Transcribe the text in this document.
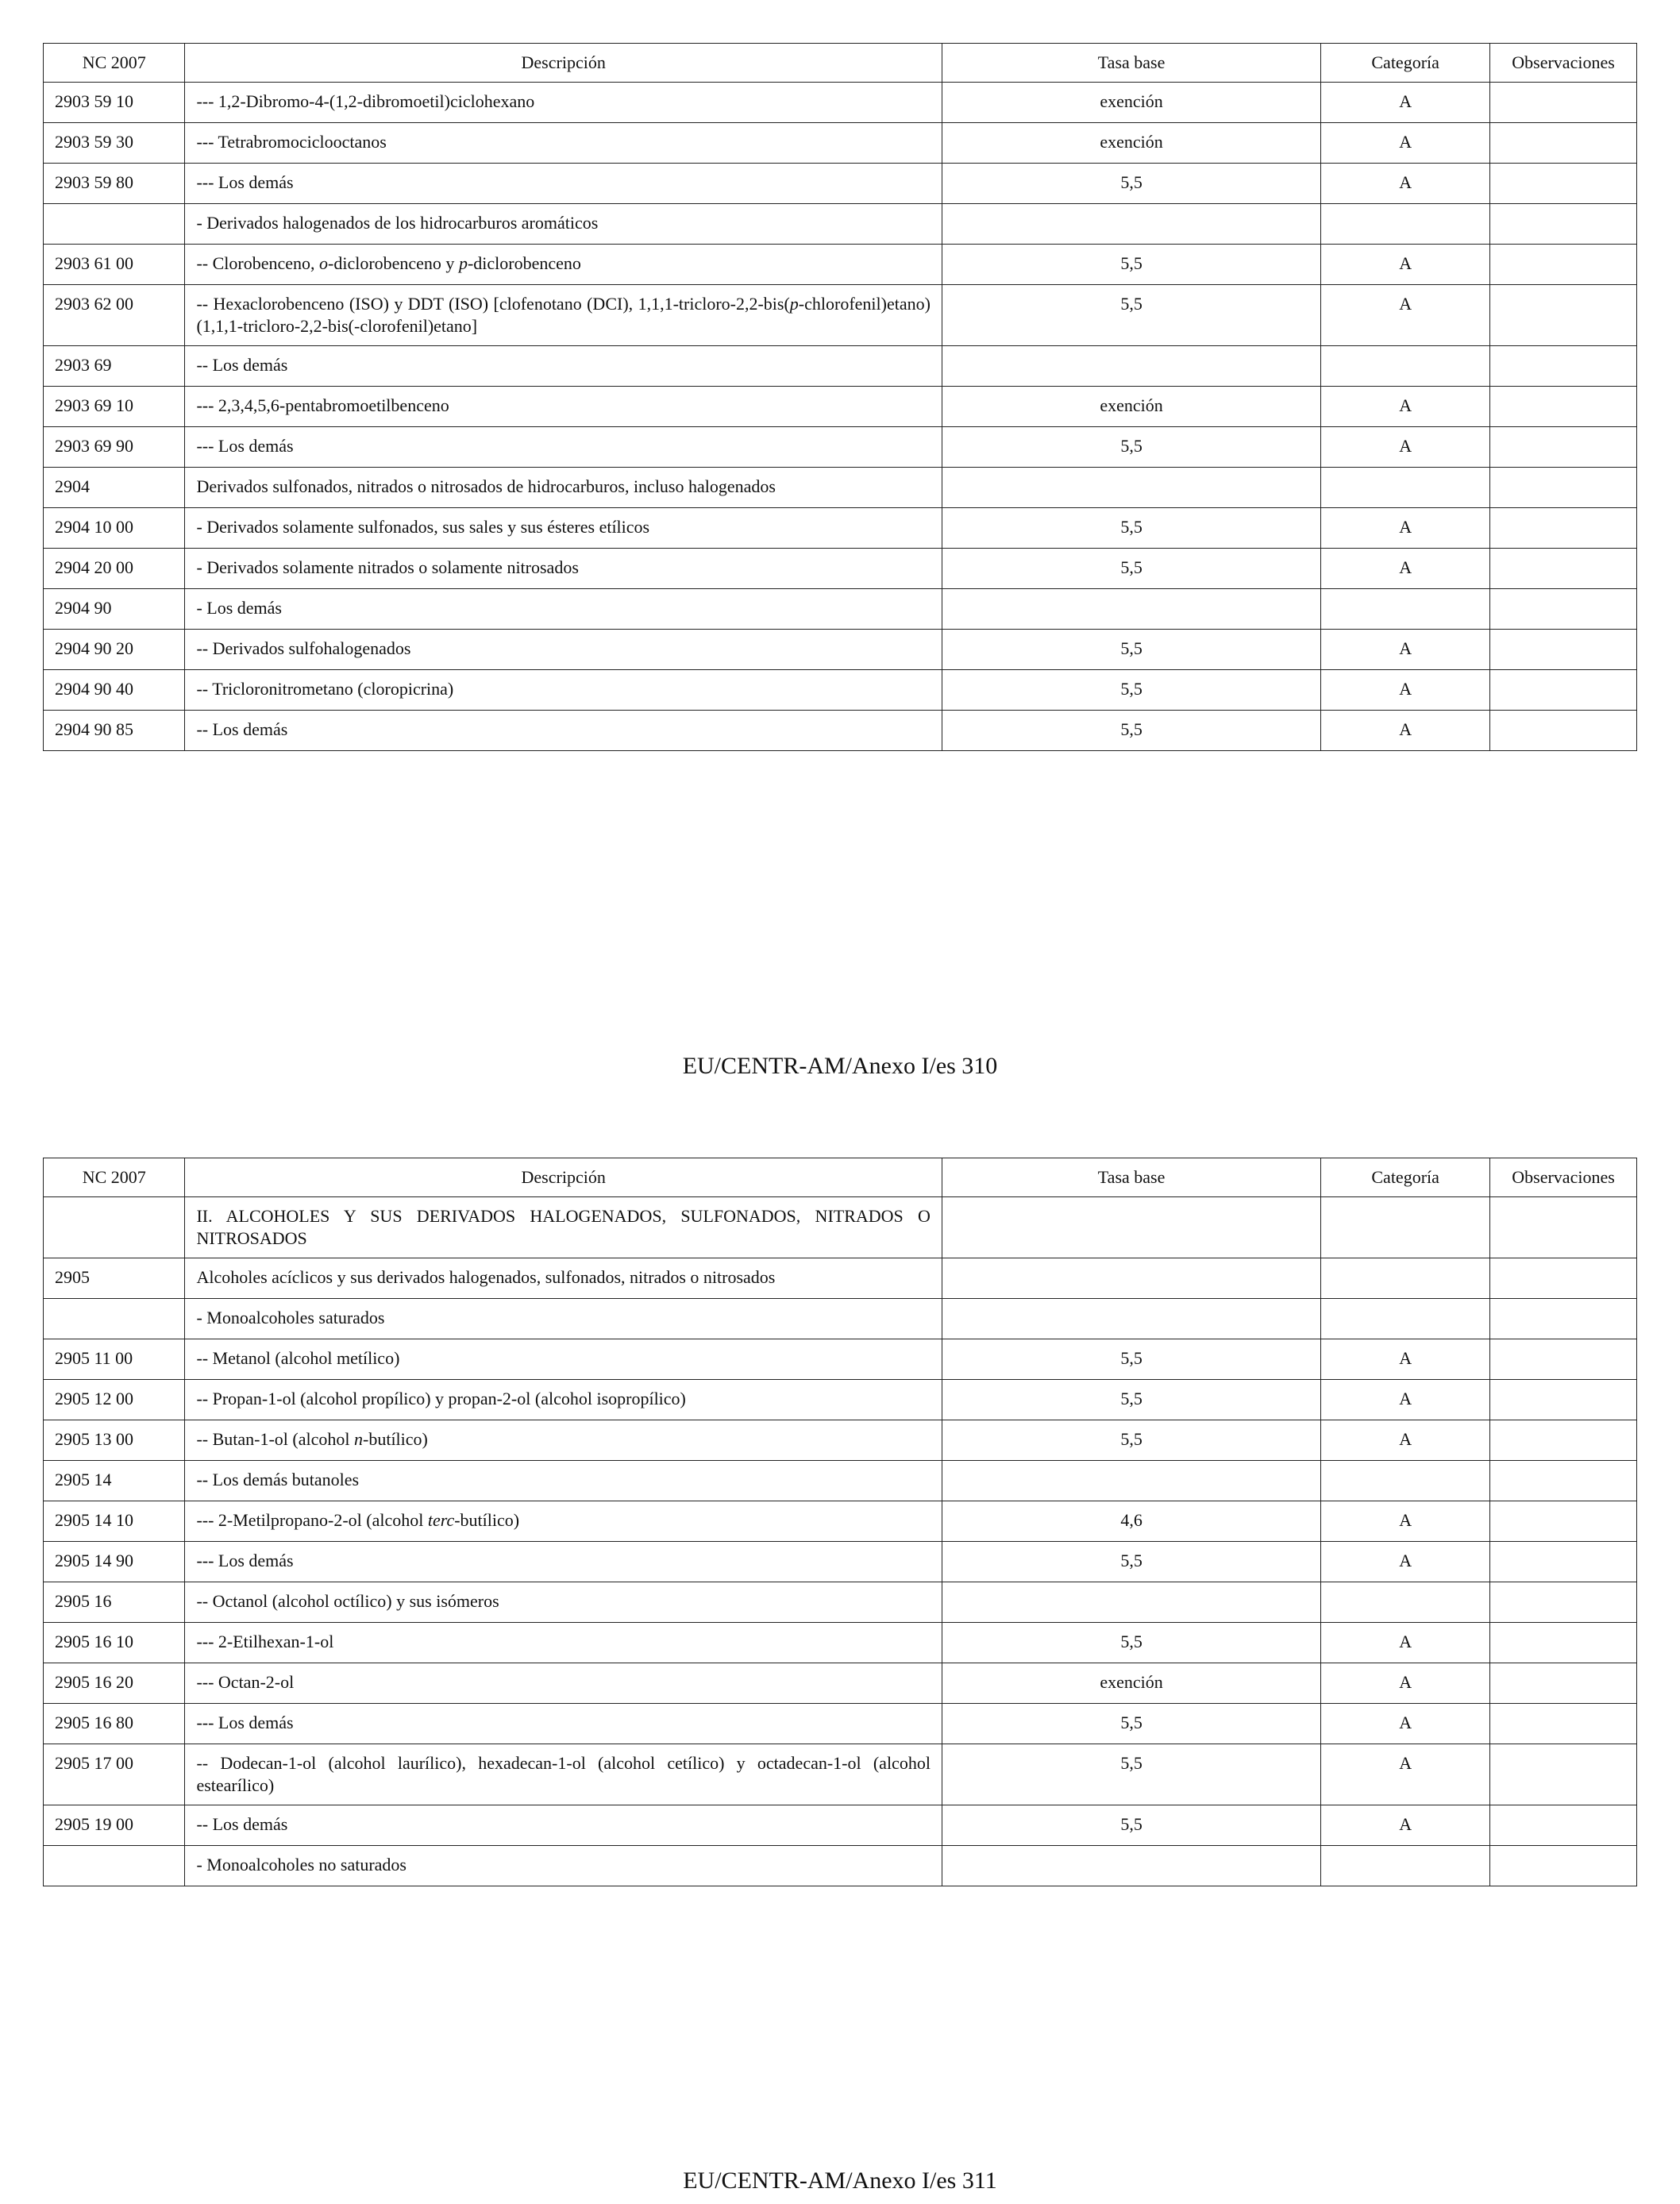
NC 2007	Descripción	Tasa base	Categoría	Observaciones
2903 59 10	--- 1,2-Dibromo-4-(1,2-dibromoetil)ciclohexano	exención	A	
2903 59 30	--- Tetrabromociclooctanos	exención	A	
2903 59 80	--- Los demás	5,5	A	
	- Derivados halogenados de los hidrocarburos aromáticos			
2903 61 00	-- Clorobenceno, o-diclorobenceno y p-diclorobenceno	5,5	A	
2903 62 00	-- Hexaclorobenceno (ISO) y DDT (ISO) [clofenotano (DCI), 1,1,1-tricloro-2,2-bis(p-chlorofenil)etano) (1,1,1-tricloro-2,2-bis(-clorofenil)etano]	5,5	A	
2903 69	-- Los demás			
2903 69 10	--- 2,3,4,5,6-pentabromoetilbenceno	exención	A	
2903 69 90	--- Los demás	5,5	A	
2904	Derivados sulfonados, nitrados o nitrosados de hidrocarburos, incluso halogenados			
2904 10 00	- Derivados solamente sulfonados, sus sales y sus ésteres etílicos	5,5	A	
2904 20 00	- Derivados solamente nitrados o solamente nitrosados	5,5	A	
2904 90	- Los demás			
2904 90 20	-- Derivados sulfohalogenados	5,5	A	
2904 90 40	-- Tricloronitrometano (cloropicrina)	5,5	A	
2904 90 85	-- Los demás	5,5	A	
EU/CENTR-AM/Anexo I/es 310
NC 2007	Descripción	Tasa base	Categoría	Observaciones
	II. ALCOHOLES Y SUS DERIVADOS HALOGENADOS, SULFONADOS, NITRADOS O NITROSADOS			
2905	Alcoholes acíclicos y sus derivados halogenados, sulfonados, nitrados o nitrosados			
	- Monoalcoholes saturados			
2905 11 00	-- Metanol (alcohol metílico)	5,5	A	
2905 12 00	-- Propan-1-ol (alcohol propílico) y propan-2-ol (alcohol isopropílico)	5,5	A	
2905 13 00	-- Butan-1-ol (alcohol n-butílico)	5,5	A	
2905 14	-- Los demás butanoles			
2905 14 10	--- 2-Metilpropano-2-ol (alcohol terc-butílico)	4,6	A	
2905 14 90	--- Los demás	5,5	A	
2905 16	-- Octanol (alcohol octílico) y sus isómeros			
2905 16 10	--- 2-Etilhexan-1-ol	5,5	A	
2905 16 20	--- Octan-2-ol	exención	A	
2905 16 80	--- Los demás	5,5	A	
2905 17 00	-- Dodecan-1-ol (alcohol laurílico), hexadecan-1-ol (alcohol cetílico) y octadecan-1-ol (alcohol estearílico)	5,5	A	
2905 19 00	-- Los demás	5,5	A	
	- Monoalcoholes no saturados			
EU/CENTR-AM/Anexo I/es 311
